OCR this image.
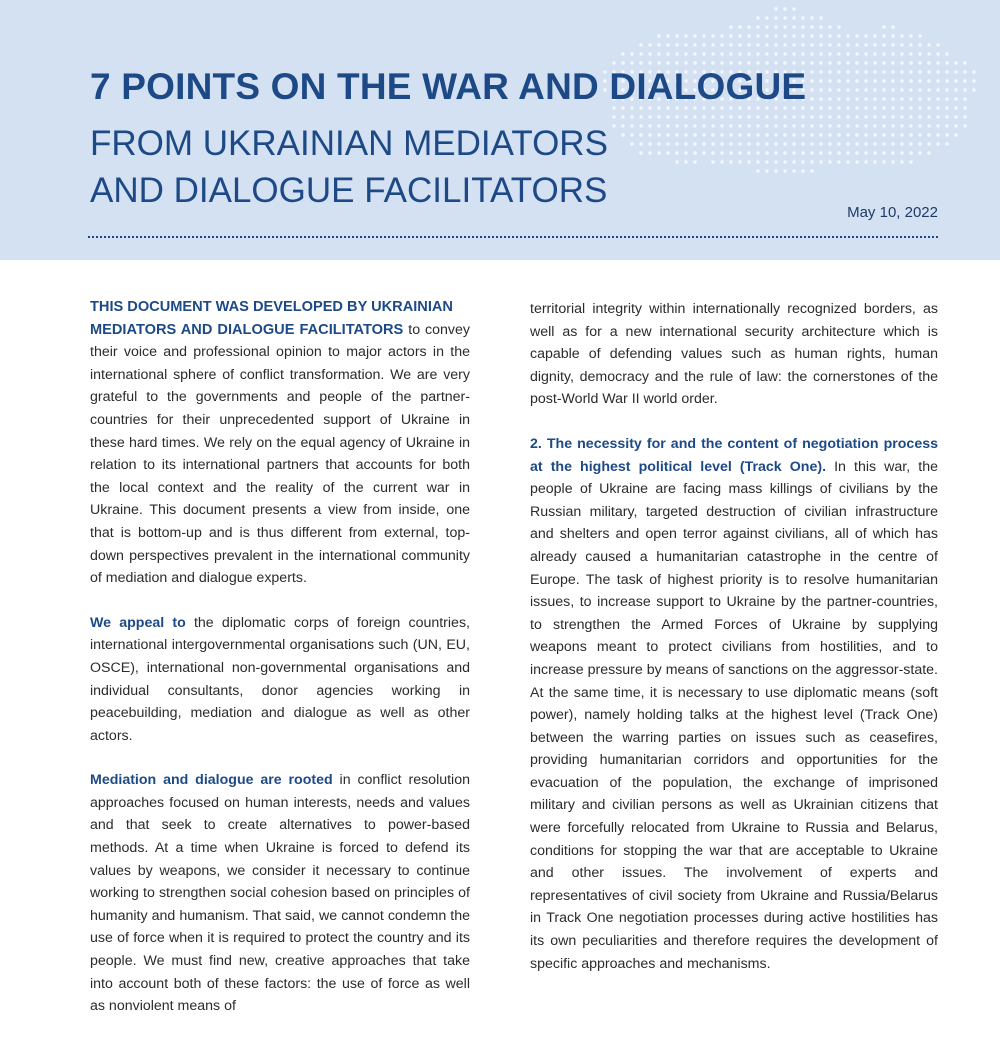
7 POINTS ON THE WAR AND DIALOGUE
FROM UKRAINIAN MEDIATORS
AND DIALOGUE FACILITATORS
May 10, 2022

THIS DOCUMENT WAS DEVELOPED BY UKRAINIAN
MEDIATORS AND DIALOGUE FACILITATORS to convey their voice and professional opinion to major actors in the international sphere of conflict transformation. We are very grateful to the governments and people of the partner-countries for their unprecedented support of Ukraine in these hard times. We rely on the equal agency of Ukraine in relation to its international partners that accounts for both the local context and the reality of the current war in Ukraine. This document presents a view from inside, one that is bottom-up and is thus different from external, top-down perspectives prevalent in the international community of mediation and dialogue experts.

We appeal to the diplomatic corps of foreign countries, international intergovernmental organisations such (UN, EU, OSCE), international non-governmental organisations and individual consultants, donor agencies working in peacebuilding, mediation and dialogue as well as other actors.

Mediation and dialogue are rooted in conflict resolution approaches focused on human interests, needs and values and that seek to create alternatives to power-based methods. At a time when Ukraine is forced to defend its values by weapons, we consider it necessary to continue working to strengthen social cohesion based on principles of humanity and humanism. That said, we cannot condemn the use of force when it is required to protect the country and its people. We must find new, creative approaches that take into account both of these factors: the use of force as well as nonviolent means of

territorial integrity within internationally recognized borders, as well as for a new international security architecture which is capable of defending values such as human rights, human dignity, democracy and the rule of law: the cornerstones of the post-World War II world order.

2. The necessity for and the content of negotiation process at the highest political level (Track One). In this war, the people of Ukraine are facing mass killings of civilians by the Russian military, targeted destruction of civilian infrastructure and shelters and open terror against civilians, all of which has already caused a humanitarian catastrophe in the centre of Europe. The task of highest priority is to resolve humanitarian issues, to increase support to Ukraine by the partner-countries, to strengthen the Armed Forces of Ukraine by supplying weapons meant to protect civilians from hostilities, and to increase pressure by means of sanctions on the aggressor-state. At the same time, it is necessary to use diplomatic means (soft power), namely holding talks at the highest level (Track One) between the warring parties on issues such as ceasefires, providing humanitarian corridors and opportunities for the evacuation of the population, the exchange of imprisoned military and civilian persons as well as Ukrainian citizens that were forcefully relocated from Ukraine to Russia and Belarus, conditions for stopping the war that are acceptable to Ukraine and other issues. The involvement of experts and representatives of civil society from Ukraine and Russia/Belarus in Track One negotiation processes during active hostilities has its own peculiarities and therefore requires the development of specific approaches and mechanisms.
